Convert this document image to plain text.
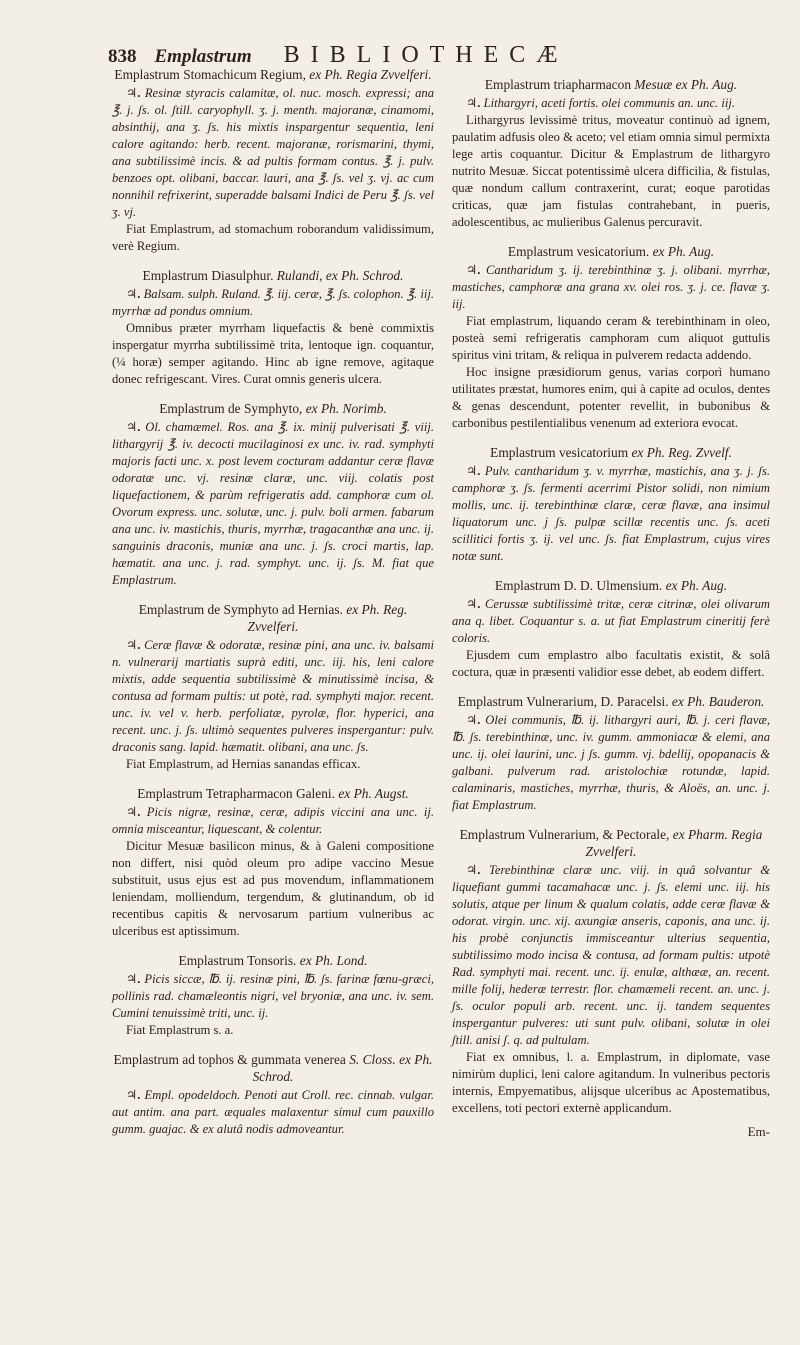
838 Emplastrum BIBLIOTHECÆ
Emplastrum Stomachicum Regium, ex Ph. Regia Zvvelferi.
♃. Resinæ styracis calamitæ, ol. nuc. mosch. expressi; ana ℥. j. ʃs. ol. ʃtill. caryophyll. ʒ. j. menth. majoranæ, cinamomi, absinthij, ana ʒ. ʃs. his mixtis inspargentur sequentia, leni calore agitando: herb. recent. majoranæ, rorismarini, thymi, ana subtilissimè incis. & ad pultis formam contus. ℥. j. pulv. benzoes opt. olibani, baccar. lauri, ana ℥. ʃs. vel ʒ. vj. ac cum nonnihil refrixerint, superadde balsami Indici de Peru ℥. ʃs. vel ʒ. vj.
Fiat Emplastrum, ad stomachum roborandum validissimum, verè Regium.
Emplastrum Diasulphur. Rulandi, ex Ph. Schrod.
♃. Balsam. sulph. Ruland. ℥. iij. ceræ, ℥. ʃs. colophon. ℥. iij. myrrhæ ad pondus omnium.
Omnibus præter myrrham liquefactis & benè commixtis inspergatur myrrha subtilissimè trita, lentoque ign. coquantur, (¼ horæ) semper agitando. Hinc ab igne remove, agitaque donec refrigescant. Vires. Curat omnis generis ulcera.
Emplastrum de Symphyto, ex Ph. Norimb.
♃. Ol. chamæmel. Ros. ana ℥. ix. minij pulverisati ℥. viij. lithargyrij ℥. iv. decocti mucilaginosi ex unc. iv. rad. symphyti majoris facti unc. x. post levem cocturam addantur ceræ flavæ odoratæ unc. vj. resinæ claræ, unc. viij. colatis post liquefactionem, & parùm refrigeratis add. camphoræ cum ol. Ovorum express. unc. solutæ, unc. j. pulv. boli armen. fabarum ana unc. iv. mastichis, thuris, myrrhæ, tragacanthæ ana unc. ij. sanguinis draconis, muniæ ana unc. j. ʃs. croci martis, lap. hæmatit. ana unc. j. rad. symphyt. unc. ij. ʃs. M. fiat que Emplastrum.
Emplastrum de Symphyto ad Hernias. ex Ph. Reg. Zvvelferi.
♃. Ceræ flavæ & odoratæ, resinæ pini, ana unc. iv. balsami n. vulnerarij martiatis suprà editi, unc. iij. his, leni calore mixtis, adde sequentia subtilissimè & minutissimè incisa, & contusa ad formam pultis: ut potè, rad. symphyti major. recent. unc. iv. vel v. herb. perfoliatæ, pyrolæ, flor. hyperici, ana recent. unc. j. ʃs. ultimò sequentes pulveres inspergantur: pulv. draconis sang. lapid. hæmatit. olibani, ana unc. ʃs.
Fiat Emplastrum, ad Hernias sanandas efficax.
Emplastrum Tetrapharmacon Galeni. ex Ph. Augst.
♃. Picis nigræ, resinæ, ceræ, adipis viccini ana unc. ij. omnia misceantur, liquescant, & colentur.
Dicitur Mesuæ basilicon minus, & à Galeni compositione non differt, nisi quòd oleum pro adipe vaccino Mesue substituit, usus ejus est ad pus movendum, inflammationem leniendam, molliendum, tergendum, & glutinandum, ob id recentibus capitis & nervosarum partium vulneribus ac ulceribus est aptissimum.
Emplastrum Tonsoris. ex Ph. Lond.
♃. Picis siccæ, ℔. ij. resinæ pini, ℔. ʃs. farinæ fœnu-græci, pollinis rad. chamæleontis nigri, vel bryoniæ, ana unc. iv. sem. Cumini tenuissimè triti, unc. ij.
Fiat Emplastrum s. a.
Emplastrum ad tophos & gummata venerea S. Closs. ex Ph. Schrod.
♃. Empl. opodeldoch. Penoti aut Croll. rec. cinnab. vulgar. aut antim. ana part. æquales malaxentur simul cum pauxillo gumm. guajac. & ex alutâ nodis admoveantur.
Emplastrum triapharmacon Mesuæ ex Ph. Aug.
♃. Lithargyri, aceti fortis. olei communis an. unc. iij.
Lithargyrus levissimè tritus, moveatur continuò ad ignem, paulatim adfusis oleo & aceto; vel etiam omnia simul permixta lege artis coquantur. Dicitur & Emplastrum de lithargyro nutrito Mesuæ. Siccat potentissimè ulcera difficilia, & fistulas, quæ nondum callum contraxerint, curat; eoque parotidas criticas, quæ jam fistulas contrahebant, in pueris, adolescentibus, ac mulieribus Galenus percuravit.
Emplastrum vesicatorium. ex Ph. Aug.
♃. Cantharidum ʒ. ij. terebinthinæ ʒ. j. olibani. myrrhæ, mastiches, camphoræ ana grana xv. olei ros. ʒ. j. ce. flavæ ʒ. iij.
Fiat emplastrum, liquando ceram & terebinthinam in oleo, posteà semi refrigeratis camphoram cum aliquot guttulis spiritus vini tritam, & reliqua in pulverem redacta addendo.
Hoc insigne præsidiorum genus, varias corporì humano utilitates præstat, humores enim, qui à capite ad oculos, dentes & genas descendunt, potenter revellit, in bubonibus & carbonibus pestilentialibus venenum ad exteriora evocat.
Emplastrum vesicatorium ex Ph. Reg. Zvvelf.
♃. Pulv. cantharidum ʒ. v. myrrhæ, mastichis, ana ʒ. j. ʃs. camphoræ ʒ. ʃs. fermenti acerrimi Pistor solidi, non nimium mollis, unc. ij. terebinthinæ claræ, ceræ flavæ, ana insimul liquatorum unc. j ʃs. pulpæ scillæ recentis unc. ʃs. aceti scillitici fortis ʒ. ij. vel unc. ʃs. fiat Emplastrum, cujus vires notæ sunt.
Emplastrum D. D. Ulmensium. ex Ph. Aug.
♃. Cerussæ subtilissimè tritæ, ceræ citrinæ, olei olivarum ana q. libet. Coquantur s. a. ut fiat Emplastrum cineritij ferè coloris.
Ejusdem cum emplastro albo facultatis existit, & solâ coctura, quæ in præsenti validior esse debet, ab eodem differt.
Emplastrum Vulnerarium, D. Paracelsi. ex Ph. Bauderon.
♃. Olei communis, ℔. ij. lithargyri auri, ℔. j. ceri flavæ, ℔. ʃs. terebinthinæ, unc. iv. gumm. ammoniacæ & elemi, ana unc. ij. olei laurini, unc. j ʃs. gumm. vj. bdellij, opopanacis & galbani. pulverum rad. aristolochiæ rotundæ, lapid. calaminaris, mastiches, myrrhæ, thuris, & Aloës, an. unc. j. fiat Emplastrum.
Emplastrum Vulnerarium, & Pectorale, ex Pharm. Regia Zvvelferi.
♃. Terebinthinæ claræ unc. viij. in quâ solvantur & liquefiant gummi tacamahacæ unc. j. ʃs. elemi unc. iij. his solutis, atque per linum & qualum colatis, adde ceræ flavæ & odorat. virgin. unc. xij. axungiæ anseris, caponis, ana unc. ij. his probè conjunctis immisceantur ulterius sequentia, subtilissimo modo incisa & contusa, ad formam pultis: utpotè Rad. symphyti mai. recent. unc. ij. enulæ, althææ, an. recent. mille folij, hederæ terrestr. flor. chamæmeli recent. an. unc. j. ʃs. oculor populi arb. recent. unc. ij. tandem sequentes inspergantur pulveres: uti sunt pulv. olibani, solutæ in olei ʃtill. anisi ʃ. q. ad pultulam.
Fiat ex omnibus, l. a. Emplastrum, in diplomate, vase nimirùm duplici, leni calore agitandum. In vulneribus pectoris internis, Empyematibus, alijsque ulceribus ac Apostematibus, excellens, toti pectori externè applicandum.
Em-
